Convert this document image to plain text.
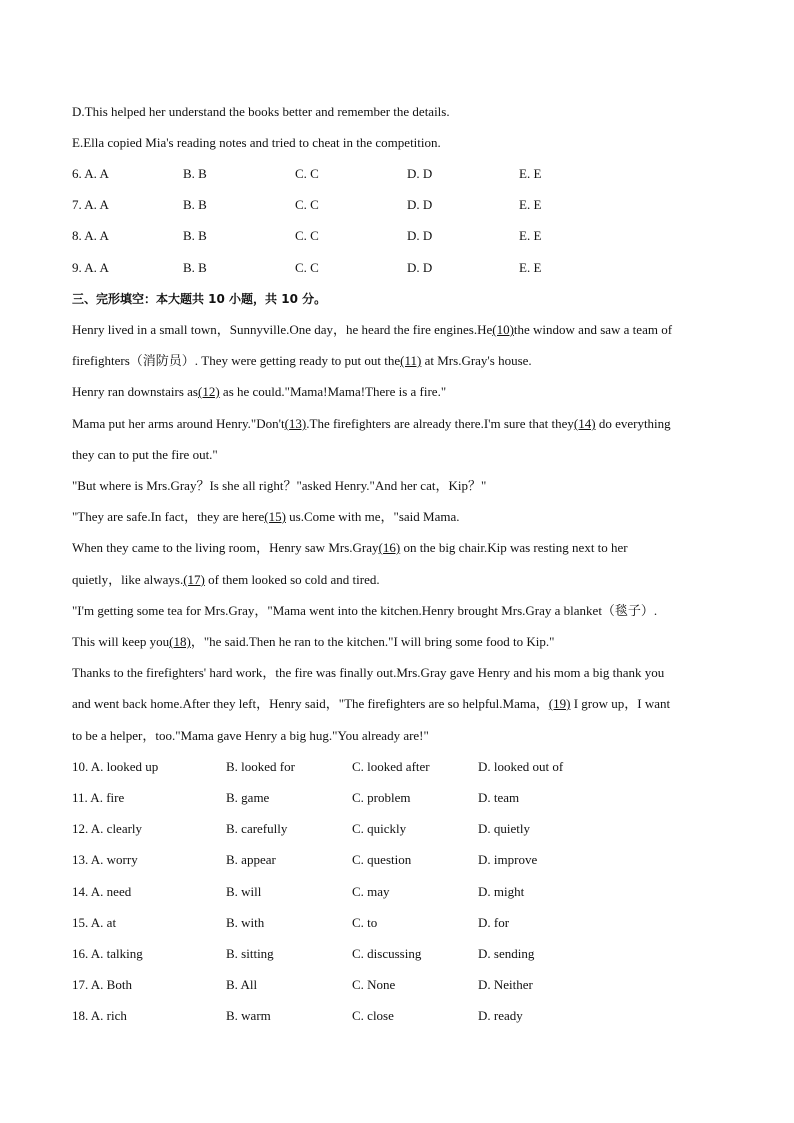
D.This helped her understand the books better and remember the details.
E.Ella copied Mia's reading notes and tried to cheat in the competition.
6. A. A	B. B	C. C	D. D	E. E
7. A. A	B. B	C. C	D. D	E. E
8. A. A	B. B	C. C	D. D	E. E
9. A. A	B. B	C. C	D. D	E. E
三、完形填空：本大题共 10 小题，共 10 分。
Henry lived in a small town，Sunnyville.One day，he heard the fire engines.He(10)the window and saw a team of
firefighters（消防员）. They were getting ready to put out the(11) at Mrs.Gray's house.
Henry ran downstairs as(12) as he could."Mama!Mama!There is a fire."
Mama put her arms around Henry."Don't(13).The firefighters are already there.I'm sure that they(14) do everything
they can to put the fire out."
"But where is Mrs.Gray？Is she all right？"asked Henry."And her cat，Kip？"
"They are safe.In fact，they are here(15) us.Come with me，"said Mama.
When they came to the living room，Henry saw Mrs.Gray(16) on the big chair.Kip was resting next to her
quietly，like always.(17) of them looked so cold and tired.
"I'm getting some tea for Mrs.Gray，"Mama went into the kitchen.Henry brought Mrs.Gray a blanket（毯子）.
This will keep you(18)，"he said.Then he ran to the kitchen."I will bring some food to Kip."
Thanks to the firefighters' hard work，the fire was finally out.Mrs.Gray gave Henry and his mom a big thank you
and went back home.After they left，Henry said，"The firefighters are so helpful.Mama，(19) I grow up，I want
to be a helper，too."Mama gave Henry a big hug."You already are!"
10. A. looked up	B. looked for	C. looked after	D. looked out of
11. A. fire	B. game	C. problem	D. team
12. A. clearly	B. carefully	C. quickly	D. quietly
13. A. worry	B. appear	C. question	D. improve
14. A. need	B. will	C. may	D. might
15. A. at	B. with	C. to	D. for
16. A. talking	B. sitting	C. discussing	D. sending
17. A. Both	B. All	C. None	D. Neither
18. A. rich	B. warm	C. close	D. ready
